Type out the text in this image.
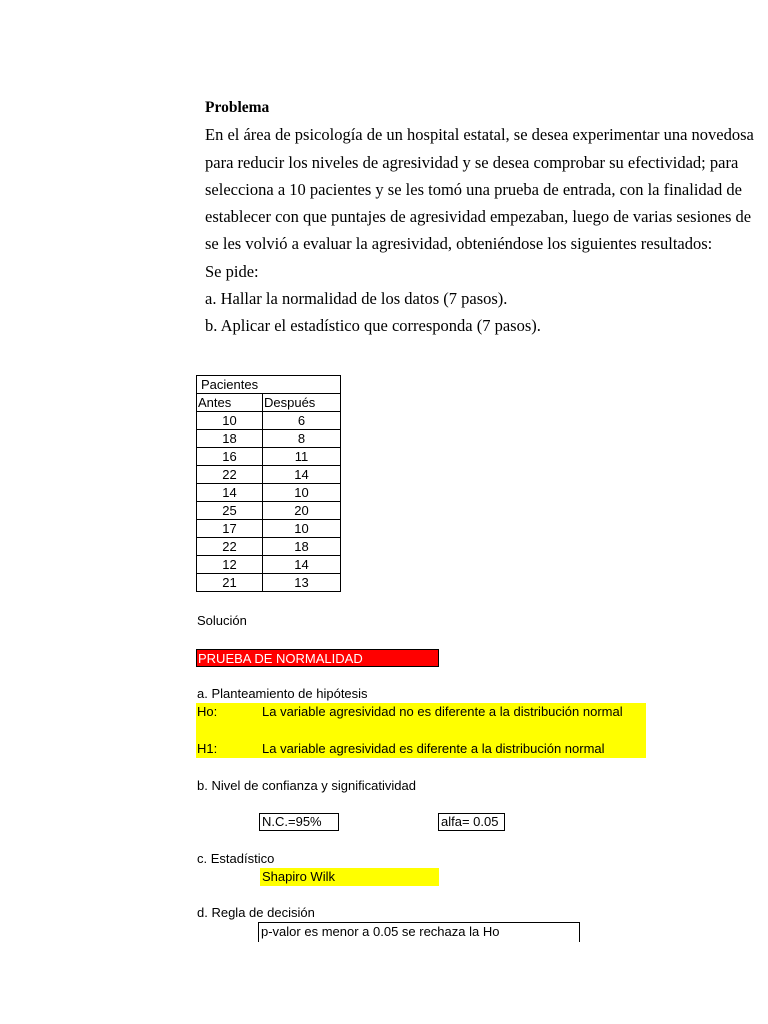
Problema
En el área de psicología de un hospital estatal, se desea experimentar una novedosa
para reducir los niveles de agresividad y se desea comprobar su efectividad; para
selecciona a 10 pacientes y se les tomó una prueba de entrada, con la finalidad de
establecer con que puntajes de agresividad empezaban, luego de varias sesiones de
se les volvió a evaluar la agresividad, obteniéndose los siguientes resultados:
Se pide:
a. Hallar la normalidad de los datos (7 pasos).
b. Aplicar el estadístico que corresponda (7 pasos).
Pacientes	
Antes	Después
10	6
18	8
16	11
22	14
14	10
25	20
17	10
22	18
12	14
21	13
Solución
PRUEBA DE NORMALIDAD
a. Planteamiento de hipótesis
Ho:	La variable agresividad no es diferente a la distribución normal
H1:	La variable agresividad es diferente a la distribución normal
b. Nivel de confianza y significatividad
N.C.=95%	alfa= 0.05
c. Estadístico
Shapiro Wilk
d. Regla de decisión
p-valor es menor a 0.05 se rechaza la Ho
